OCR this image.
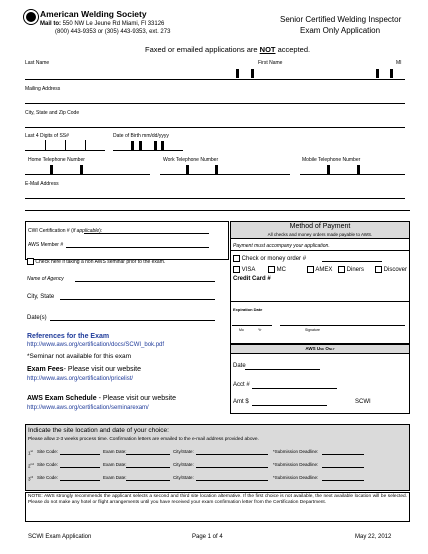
American Welding Society
Mail to: 550 NW Le Jeune Rd Miami, Fl 33126
(800) 443-9353 or (305) 443-9353, ext. 273
Senior Certified Welding Inspector
Exam Only Application
Faxed or emailed applications are NOT accepted.
Last Name	First Name	MI
Mailing Address
City, State and Zip Code
Last 4 Digits of SS#	Date of Birth mm/dd/yyyy
Home Telephone Number	Work Telephone Number	Mobile Telephone Number
E-Mail Address
CWI Certification # (if applicable):
AWS Member #
Check here if taking a non AWS seminar prior to the exam.
Name of Agency
City, State
Date(s)
References for the Exam
http://www.aws.org/certification/docs/SCWI_bok.pdf
*Seminar not available for this exam
Exam Fees- Please visit our website
http://www.aws.org/certification/pricelist/
AWS Exam Schedule - Please visit our website
http://www.aws.org/certification/seminarexam/
Method of Payment
All checks and money orders made payable to AWS.
Payment must accompany your application.
Check or money order #
VISA	MC	AMEX	Diners	Discover
Credit Card #
Expiration Date
Mo	Yr	Signature
AWS Use Only
Date
Acct #
Amt $	SCWI
Indicate the site location and date of your choice:
Please allow 2-3 weeks process time. Confirmation letters are emailed to the e-mail address provided above.
1st Site Code:	Exam Date:	City/State:	*Submission Deadline:
2nd Site Code:	Exam Date:	City/State:	*Submission Deadline:
3rd Site Code:	Exam Date:	City/State:	*Submission Deadline:
NOTE: AWS strongly recommends the applicant selects a second and third site location alternative. If the first choice is not available, the next available location will be selected. Please do not make any hotel or flight arrangements until you have received your exam confirmation letter from the Certification Department.
SCWI Exam Application	Page 1 of 4	May 22, 2012
